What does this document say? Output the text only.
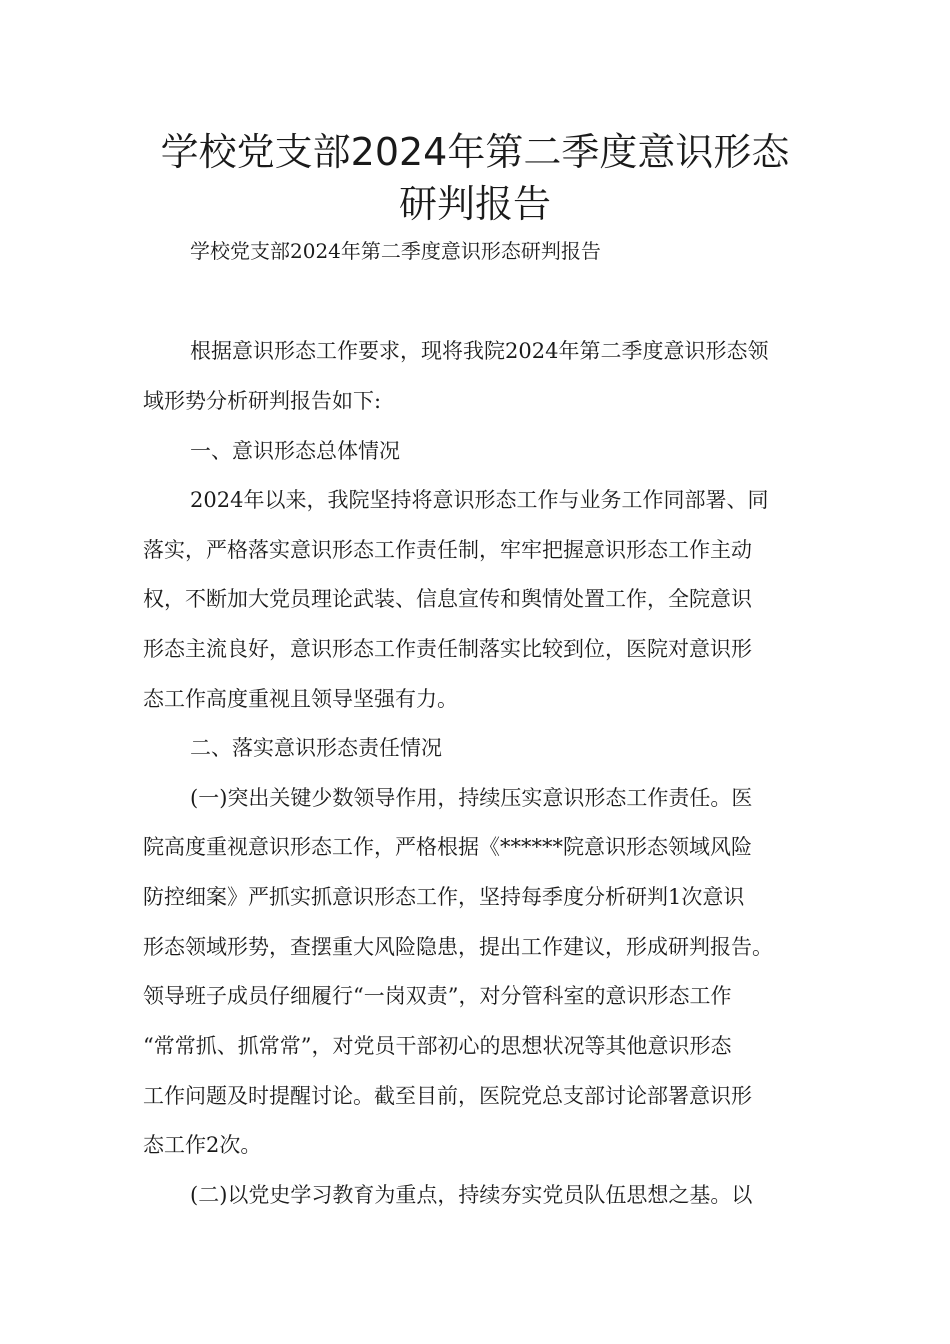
学校党支部2024年第二季度意识形态
研判报告
学校党支部2024年第二季度意识形态研判报告
根据意识形态工作要求，现将我院2024年第二季度意识形态领
域形势分析研判报告如下:
一、意识形态总体情况
2024年以来，我院坚持将意识形态工作与业务工作同部署、同
落实，严格落实意识形态工作责任制，牢牢把握意识形态工作主动
权，不断加大党员理论武装、信息宣传和舆情处置工作，全院意识
形态主流良好，意识形态工作责任制落实比较到位，医院对意识形
态工作高度重视且领导坚强有力。
二、落实意识形态责任情况
(一)突出关键少数领导作用，持续压实意识形态工作责任。医
院高度重视意识形态工作，严格根据《******院意识形态领域风险
防控细案》严抓实抓意识形态工作，坚持每季度分析研判1次意识
形态领域形势，查摆重大风险隐患，提出工作建议，形成研判报告。
领导班子成员仔细履行“一岗双责”，对分管科室的意识形态工作
“常常抓、抓常常”，对党员干部初心的思想状况等其他意识形态
工作问题及时提醒讨论。截至目前，医院党总支部讨论部署意识形
态工作2次。
(二)以党史学习教育为重点，持续夯实党员队伍思想之基。以
